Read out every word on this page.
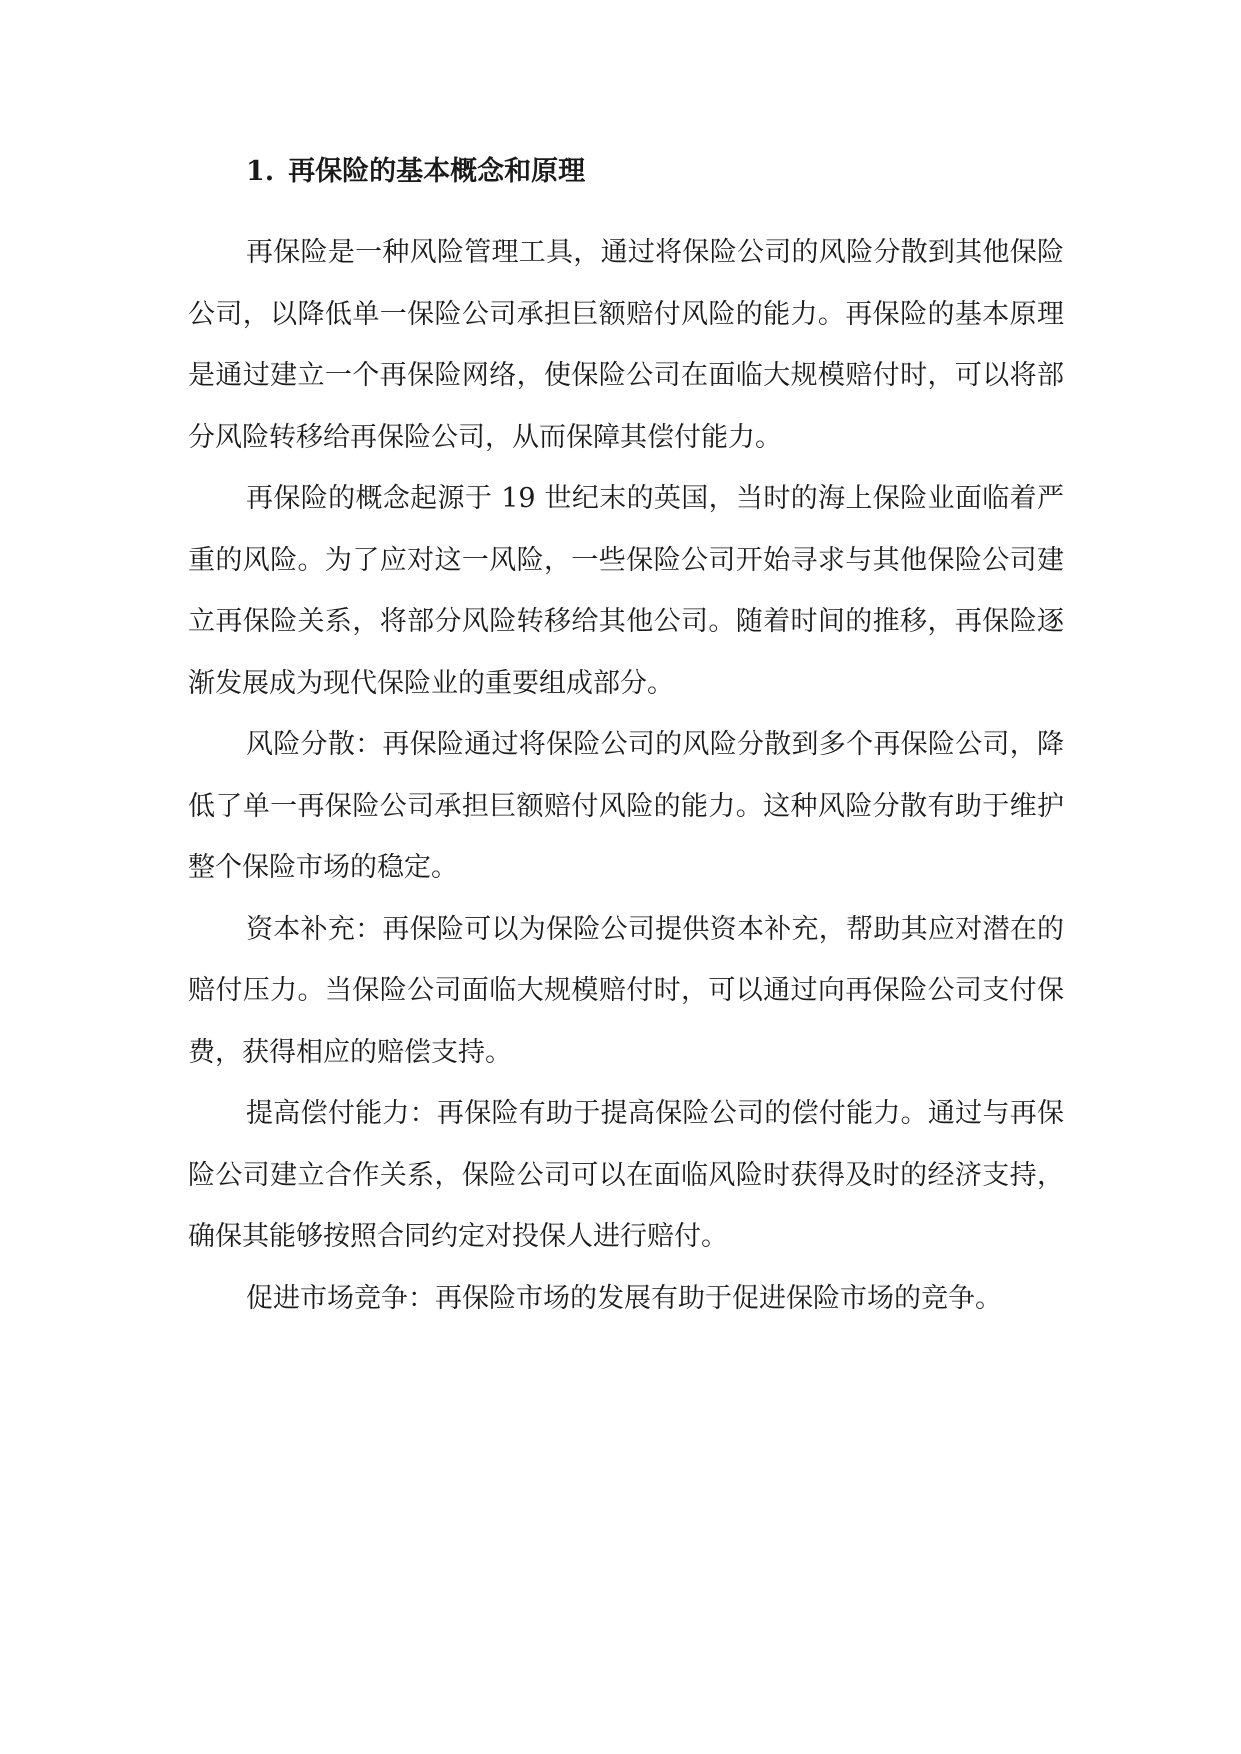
1. 再保险的基本概念和原理

再保险是一种风险管理工具，通过将保险公司的风险分散到其他保险公司，以降低单一保险公司承担巨额赔付风险的能力。再保险的基本原理是通过建立一个再保险网络，使保险公司在面临大规模赔付时，可以将部分风险转移给再保险公司，从而保障其偿付能力。

再保险的概念起源于 19 世纪末的英国，当时的海上保险业面临着严重的风险。为了应对这一风险，一些保险公司开始寻求与其他保险公司建立再保险关系，将部分风险转移给其他公司。随着时间的推移，再保险逐渐发展成为现代保险业的重要组成部分。

风险分散：再保险通过将保险公司的风险分散到多个再保险公司，降低了单一再保险公司承担巨额赔付风险的能力。这种风险分散有助于维护整个保险市场的稳定。

资本补充：再保险可以为保险公司提供资本补充，帮助其应对潜在的赔付压力。当保险公司面临大规模赔付时，可以通过向再保险公司支付保费，获得相应的赔偿支持。

提高偿付能力：再保险有助于提高保险公司的偿付能力。通过与再保险公司建立合作关系，保险公司可以在面临风险时获得及时的经济支持，确保其能够按照合同约定对投保人进行赔付。

促进市场竞争：再保险市场的发展有助于促进保险市场的竞争。
